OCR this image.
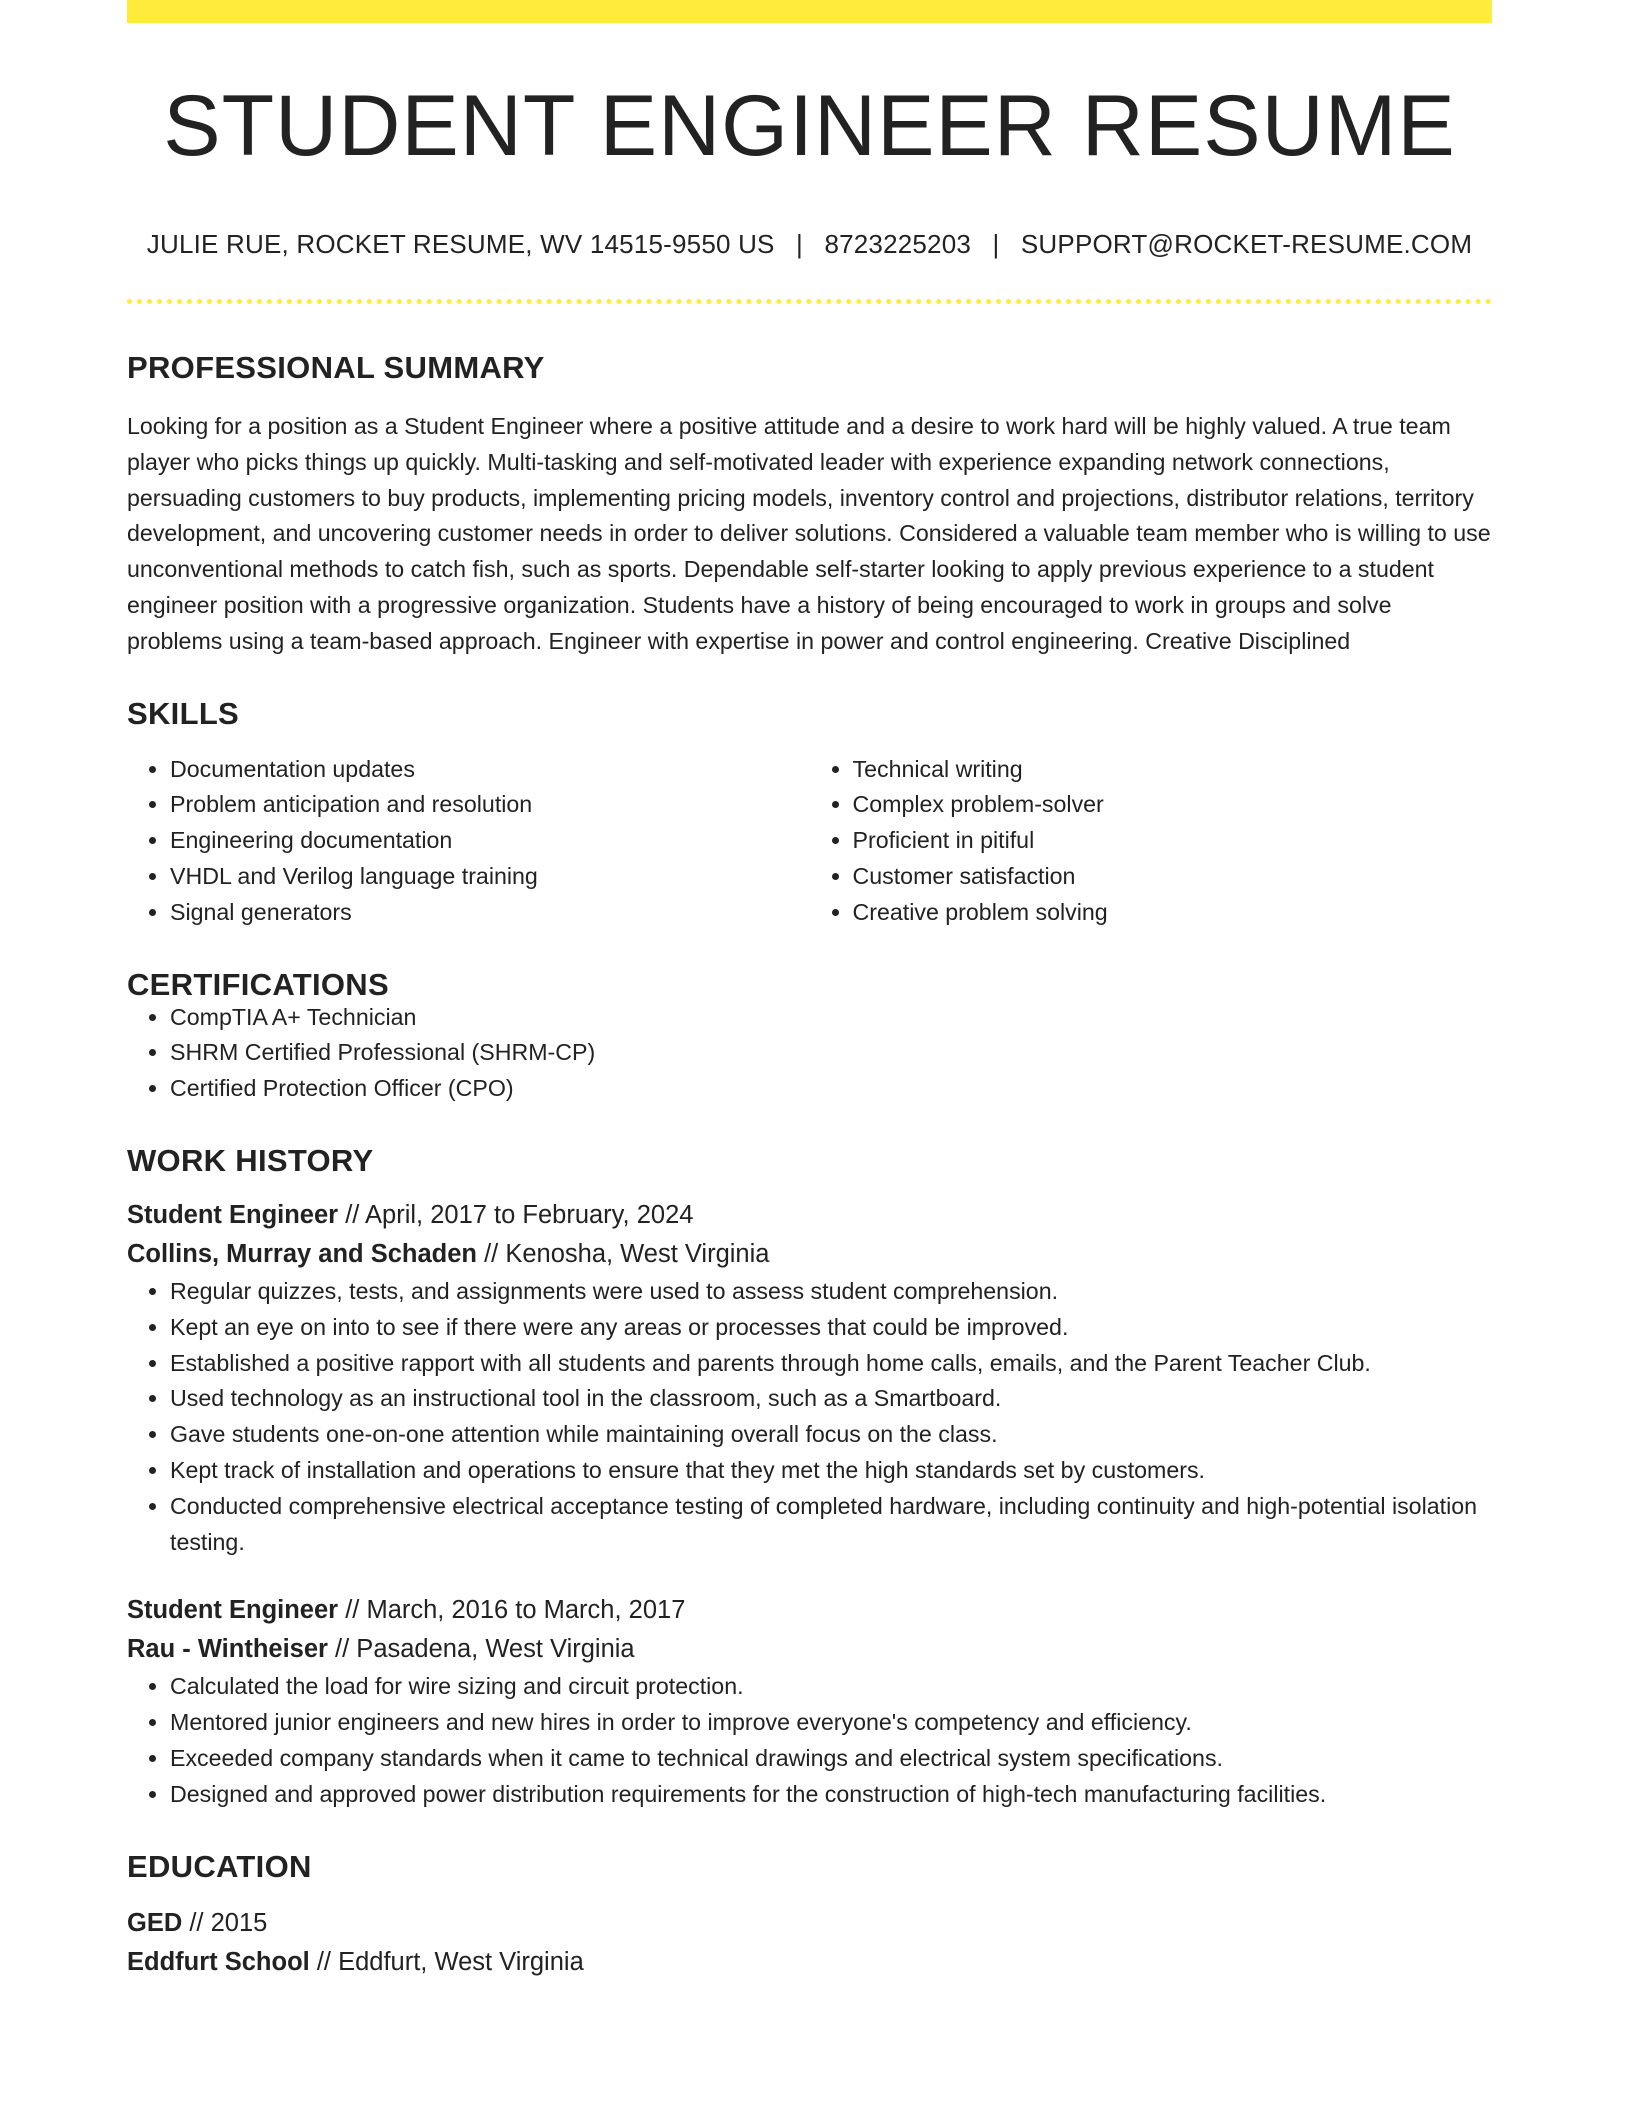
STUDENT ENGINEER RESUME
JULIE RUE, ROCKET RESUME, WV 14515-9550 US | 8723225203 | SUPPORT@ROCKET-RESUME.COM
PROFESSIONAL SUMMARY
Looking for a position as a Student Engineer where a positive attitude and a desire to work hard will be highly valued. A true team player who picks things up quickly. Multi-tasking and self-motivated leader with experience expanding network connections, persuading customers to buy products, implementing pricing models, inventory control and projections, distributor relations, territory development, and uncovering customer needs in order to deliver solutions. Considered a valuable team member who is willing to use unconventional methods to catch fish, such as sports. Dependable self-starter looking to apply previous experience to a student engineer position with a progressive organization. Students have a history of being encouraged to work in groups and solve problems using a team-based approach. Engineer with expertise in power and control engineering. Creative Disciplined
SKILLS
• Documentation updates
• Problem anticipation and resolution
• Engineering documentation
• VHDL and Verilog language training
• Signal generators
• Technical writing
• Complex problem-solver
• Proficient in pitiful
• Customer satisfaction
• Creative problem solving
CERTIFICATIONS
• CompTIA A+ Technician
• SHRM Certified Professional (SHRM-CP)
• Certified Protection Officer (CPO)
WORK HISTORY
Student Engineer // April, 2017 to February, 2024
Collins, Murray and Schaden // Kenosha, West Virginia
• Regular quizzes, tests, and assignments were used to assess student comprehension.
• Kept an eye on into to see if there were any areas or processes that could be improved.
• Established a positive rapport with all students and parents through home calls, emails, and the Parent Teacher Club.
• Used technology as an instructional tool in the classroom, such as a Smartboard.
• Gave students one-on-one attention while maintaining overall focus on the class.
• Kept track of installation and operations to ensure that they met the high standards set by customers.
• Conducted comprehensive electrical acceptance testing of completed hardware, including continuity and high-potential isolation testing.
Student Engineer // March, 2016 to March, 2017
Rau - Wintheiser // Pasadena, West Virginia
• Calculated the load for wire sizing and circuit protection.
• Mentored junior engineers and new hires in order to improve everyone's competency and efficiency.
• Exceeded company standards when it came to technical drawings and electrical system specifications.
• Designed and approved power distribution requirements for the construction of high-tech manufacturing facilities.
EDUCATION
GED // 2015
Eddfurt School // Eddfurt, West Virginia
